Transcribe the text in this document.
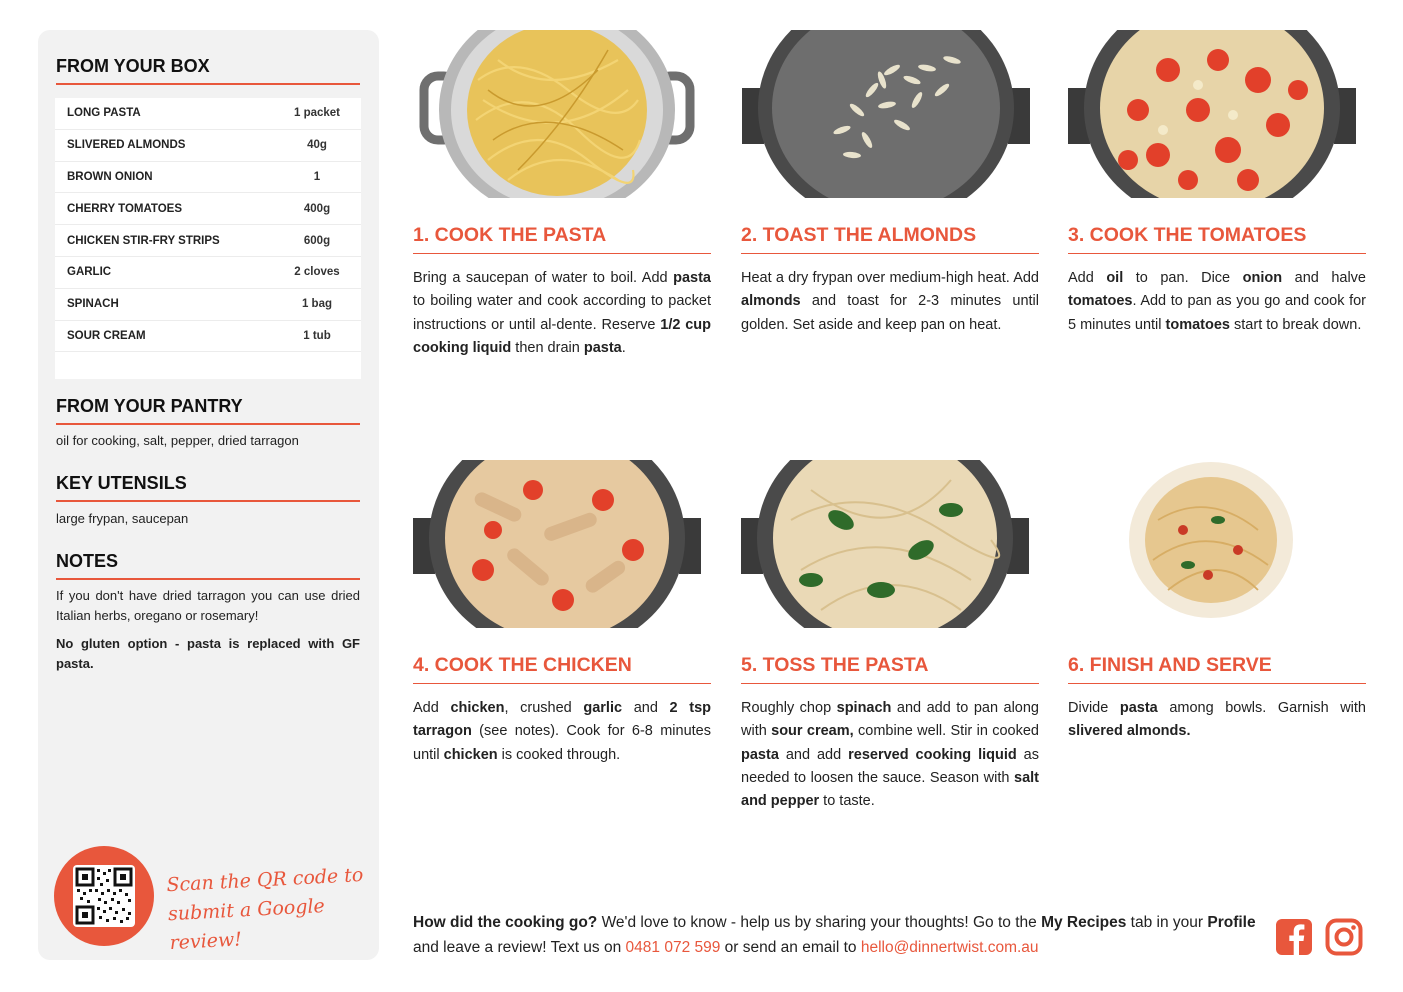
FROM YOUR BOX
LONG PASTA	1 packet
SLIVERED ALMONDS	40g
BROWN ONION	1
CHERRY TOMATOES	400g
CHICKEN STIR-FRY STRIPS	600g
GARLIC	2 cloves
SPINACH	1 bag
SOUR CREAM	1 tub
FROM YOUR PANTRY
oil for cooking, salt, pepper, dried tarragon
KEY UTENSILS
large frypan, saucepan
NOTES
If you don't have dried tarragon you can use dried Italian herbs, oregano or rosemary!
No gluten option - pasta is replaced with GF pasta.
Scan the QR code to
submit a Google review!
1. COOK THE PASTA	2. TOAST THE ALMONDS	3. COOK THE TOMATOES
4. COOK THE CHICKEN	5. TOSS THE PASTA	6. FINISH AND SERVE
Bring a saucepan of water to boil. Add pasta to boiling water and cook according to packet instructions or until al-dente. Reserve 1/2 cup cooking liquid then drain pasta.
Heat a dry frypan over medium-high heat. Add almonds and toast for 2-3 minutes until golden. Set aside and keep pan on heat.
Add oil to pan. Dice onion and halve tomatoes. Add to pan as you go and cook for 5 minutes until tomatoes start to break down.
Add chicken, crushed garlic and 2 tsp tarragon (see notes). Cook for 6-8 minutes until chicken is cooked through.
Roughly chop spinach and add to pan along with sour cream, combine well. Stir in cooked pasta and add reserved cooking liquid as needed to loosen the sauce. Season with salt and pepper to taste.
Divide pasta among bowls. Garnish with slivered almonds.
How did the cooking go? We'd love to know - help us by sharing your thoughts! Go to the My Recipes tab in your Profile and leave a review! Text us on 0481 072 599 or send an email to hello@dinnertwist.com.au
